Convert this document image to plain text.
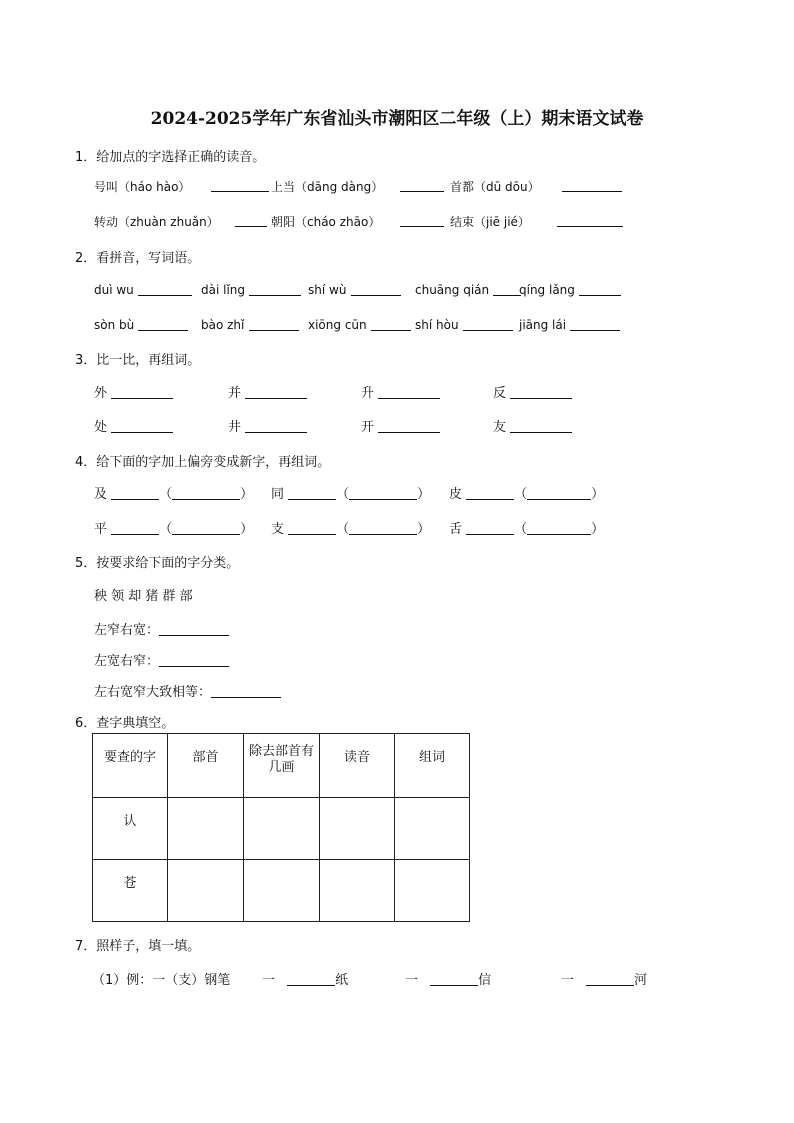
2024-2025学年广东省汕头市潮阳区二年级（上）期末语文试卷
1．给加点的字选择正确的读音。
号叫（háo hào）	上当（dāng dàng）	首都（dū dōu）
转动（zhuàn zhuǎn）	朝阳（cháo zhāo）	结束（jiē jié）
2．看拼音，写词语。
duì wu	dài lǐng	shí wù	chuāng qián	qíng lǎng
sòn bù	bào zhǐ	xiōng cūn	shí hòu	jiāng lái
3．比一比，再组词。
外	并	升	反
处	井	开	友
4．给下面的字加上偏旁变成新字，再组词。
及	（	） 同	（	） 皮	（	）
平	（	） 支	（	） 舌	（	）
5．按要求给下面的字分类。
秧 领 却 猪 群 部
左窄右宽：
左宽右窄：
左右宽窄大致相等：
6．查字典填空。
要查的字	部首	除去部首有几画	读音	组词
认				
苍				
7．照样子，填一填。
（1）例：一（支）钢笔 一	纸	一	信	一	河
